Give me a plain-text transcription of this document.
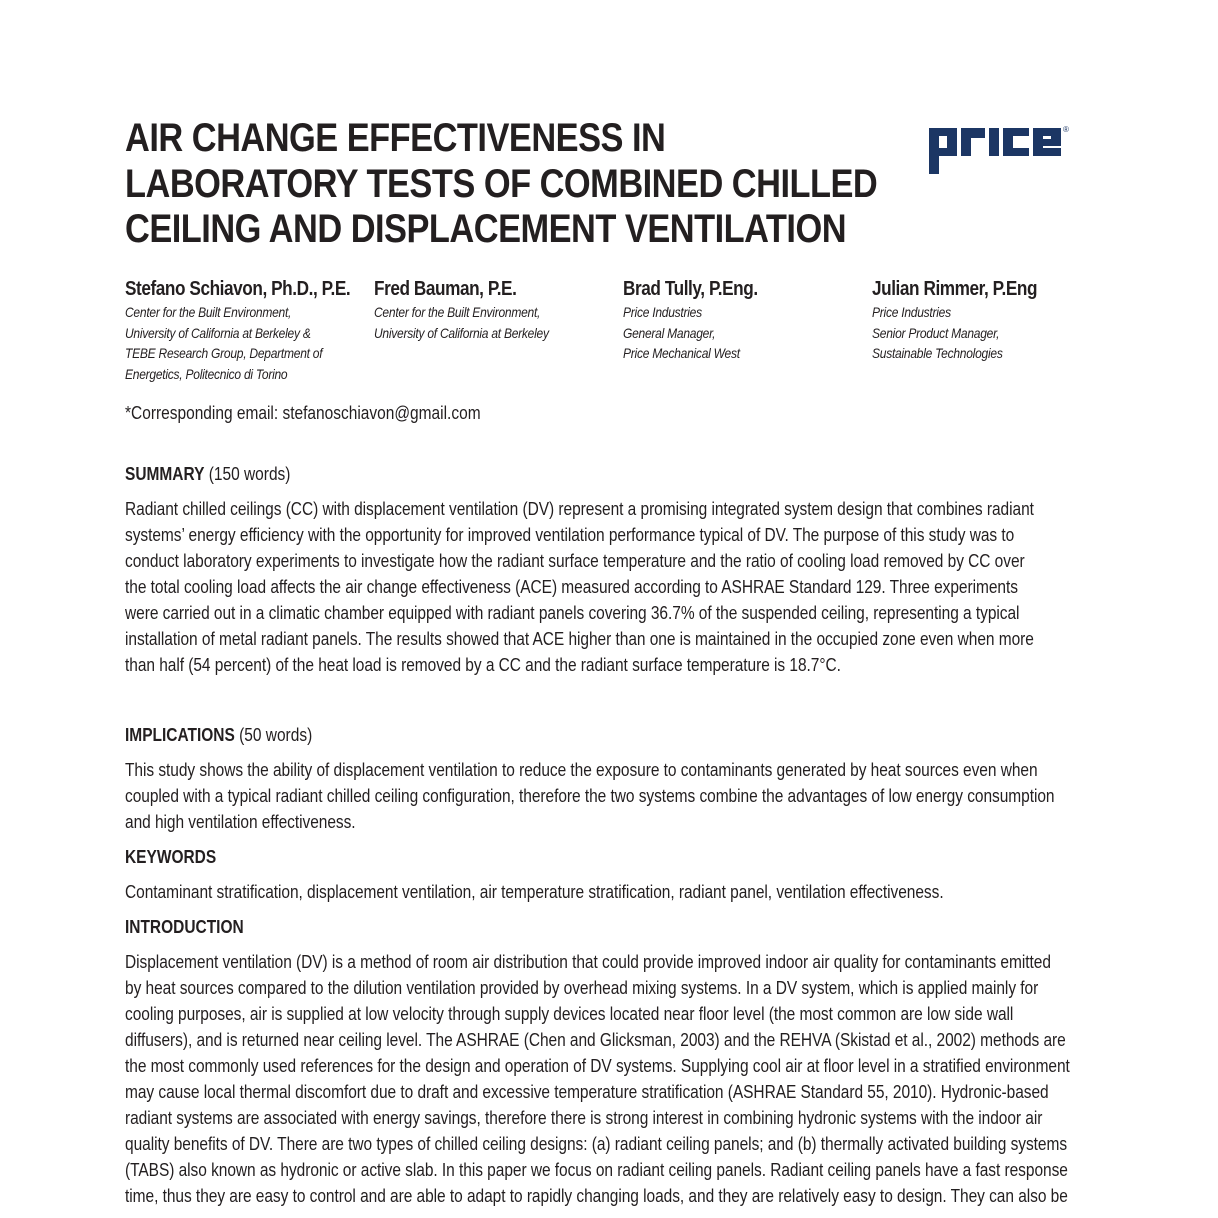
AIR CHANGE EFFECTIVENESS IN
LABORATORY TESTS OF COMBINED CHILLED
CEILING AND DISPLACEMENT VENTILATION
®
Stefano Schiavon, Ph.D., P.E.
Center for the Built Environment,
University of California at Berkeley &
TEBE Research Group, Department of
Energetics, Politecnico di Torino
Fred Bauman, P.E.
Center for the Built Environment,
University of California at Berkeley
Brad Tully, P.Eng.
Price Industries
General Manager,
Price Mechanical West
Julian Rimmer, P.Eng
Price Industries
Senior Product Manager,
Sustainable Technologies
*Corresponding email: stefanoschiavon@gmail.com
SUMMARY (150 words)
Radiant chilled ceilings (CC) with displacement ventilation (DV) represent a promising integrated system design that combines radiant
systems’ energy efficiency with the opportunity for improved ventilation performance typical of DV. The purpose of this study was to
conduct laboratory experiments to investigate how the radiant surface temperature and the ratio of cooling load removed by CC over
the total cooling load affects the air change effectiveness (ACE) measured according to ASHRAE Standard 129. Three experiments
were carried out in a climatic chamber equipped with radiant panels covering 36.7% of the suspended ceiling, representing a typical
installation of metal radiant panels. The results showed that ACE higher than one is maintained in the occupied zone even when more
than half (54 percent) of the heat load is removed by a CC and the radiant surface temperature is 18.7°C.
IMPLICATIONS (50 words)
This study shows the ability of displacement ventilation to reduce the exposure to contaminants generated by heat sources even when
coupled with a typical radiant chilled ceiling configuration, therefore the two systems combine the advantages of low energy consumption
and high ventilation effectiveness.
KEYWORDS
Contaminant stratification, displacement ventilation, air temperature stratification, radiant panel, ventilation effectiveness.
INTRODUCTION
Displacement ventilation (DV) is a method of room air distribution that could provide improved indoor air quality for contaminants emitted
by heat sources compared to the dilution ventilation provided by overhead mixing systems. In a DV system, which is applied mainly for
cooling purposes, air is supplied at low velocity through supply devices located near floor level (the most common are low side wall
diffusers), and is returned near ceiling level. The ASHRAE (Chen and Glicksman, 2003) and the REHVA (Skistad et al., 2002) methods are
the most commonly used references for the design and operation of DV systems. Supplying cool air at floor level in a stratified environment
may cause local thermal discomfort due to draft and excessive temperature stratification (ASHRAE Standard 55, 2010). Hydronic-based
radiant systems are associated with energy savings, therefore there is strong interest in combining hydronic systems with the indoor air
quality benefits of DV. There are two types of chilled ceiling designs: (a) radiant ceiling panels; and (b) thermally activated building systems
(TABS) also known as hydronic or active slab. In this paper we focus on radiant ceiling panels. Radiant ceiling panels have a fast response
time, thus they are easy to control and are able to adapt to rapidly changing loads, and they are relatively easy to design. They can also be
